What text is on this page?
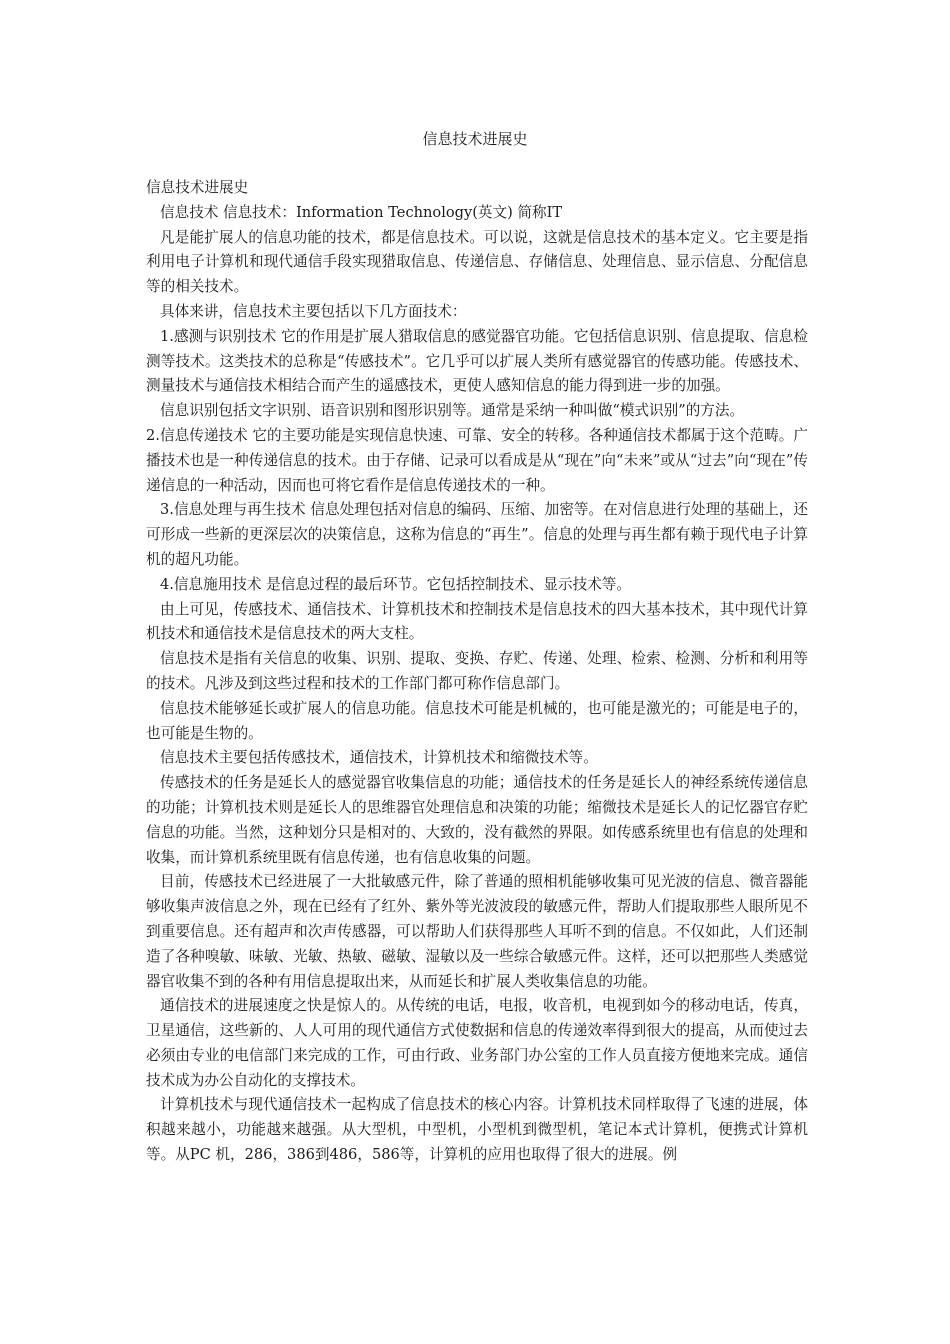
信息技术进展史

信息技术进展史

信息技术 信息技术：Information Technology(英文) 简称IT

凡是能扩展人的信息功能的技术，都是信息技术。可以说，这就是信息技术的基本定义。它主要是指利用电子计算机和现代通信手段实现猎取信息、传递信息、存储信息、处理信息、显示信息、分配信息等的相关技术。

具体来讲，信息技术主要包括以下几方面技术：

1.感测与识别技术 它的作用是扩展人猎取信息的感觉器官功能。它包括信息识别、信息提取、信息检测等技术。这类技术的总称是“传感技术”。它几乎可以扩展人类所有感觉器官的传感功能。传感技术、测量技术与通信技术相结合而产生的遥感技术，更使人感知信息的能力得到进一步的加强。

信息识别包括文字识别、语音识别和图形识别等。通常是采纳一种叫做“模式识别”的方法。

2.信息传递技术 它的主要功能是实现信息快速、可靠、安全的转移。各种通信技术都属于这个范畴。广播技术也是一种传递信息的技术。由于存储、记录可以看成是从“现在”向“未来”或从“过去”向“现在”传递信息的一种活动，因而也可将它看作是信息传递技术的一种。

3.信息处理与再生技术 信息处理包括对信息的编码、压缩、加密等。在对信息进行处理的基础上，还可形成一些新的更深层次的决策信息，这称为信息的“再生”。信息的处理与再生都有赖于现代电子计算机的超凡功能。

4.信息施用技术 是信息过程的最后环节。它包括控制技术、显示技术等。

由上可见，传感技术、通信技术、计算机技术和控制技术是信息技术的四大基本技术，其中现代计算机技术和通信技术是信息技术的两大支柱。

信息技术是指有关信息的收集、识别、提取、变换、存贮、传递、处理、检索、检测、分析和利用等的技术。凡涉及到这些过程和技术的工作部门都可称作信息部门。

信息技术能够延长或扩展人的信息功能。信息技术可能是机械的，也可能是激光的；可能是电子的，也可能是生物的。

信息技术主要包括传感技术，通信技术，计算机技术和缩微技术等。

传感技术的任务是延长人的感觉器官收集信息的功能；通信技术的任务是延长人的神经系统传递信息的功能；计算机技术则是延长人的思维器官处理信息和决策的功能；缩微技术是延长人的记忆器官存贮信息的功能。当然，这种划分只是相对的、大致的，没有截然的界限。如传感系统里也有信息的处理和收集，而计算机系统里既有信息传递，也有信息收集的问题。

目前，传感技术已经进展了一大批敏感元件，除了普通的照相机能够收集可见光波的信息、微音器能够收集声波信息之外，现在已经有了红外、紫外等光波波段的敏感元件，帮助人们提取那些人眼所见不到重要信息。还有超声和次声传感器，可以帮助人们获得那些人耳听不到的信息。不仅如此，人们还制造了各种嗅敏、味敏、光敏、热敏、磁敏、湿敏以及一些综合敏感元件。这样，还可以把那些人类感觉器官收集不到的各种有用信息提取出来，从而延长和扩展人类收集信息的功能。

通信技术的进展速度之快是惊人的。从传统的电话，电报，收音机，电视到如今的移动电话，传真，卫星通信，这些新的、人人可用的现代通信方式使数据和信息的传递效率得到很大的提高，从而使过去必须由专业的电信部门来完成的工作，可由行政、业务部门办公室的工作人员直接方便地来完成。通信技术成为办公自动化的支撑技术。

计算机技术与现代通信技术一起构成了信息技术的核心内容。计算机技术同样取得了飞速的进展，体积越来越小，功能越来越强。从大型机，中型机，小型机到微型机，笔记本式计算机，便携式计算机等。从PC 机，286，386到486，586等，计算机的应用也取得了很大的进展。例
